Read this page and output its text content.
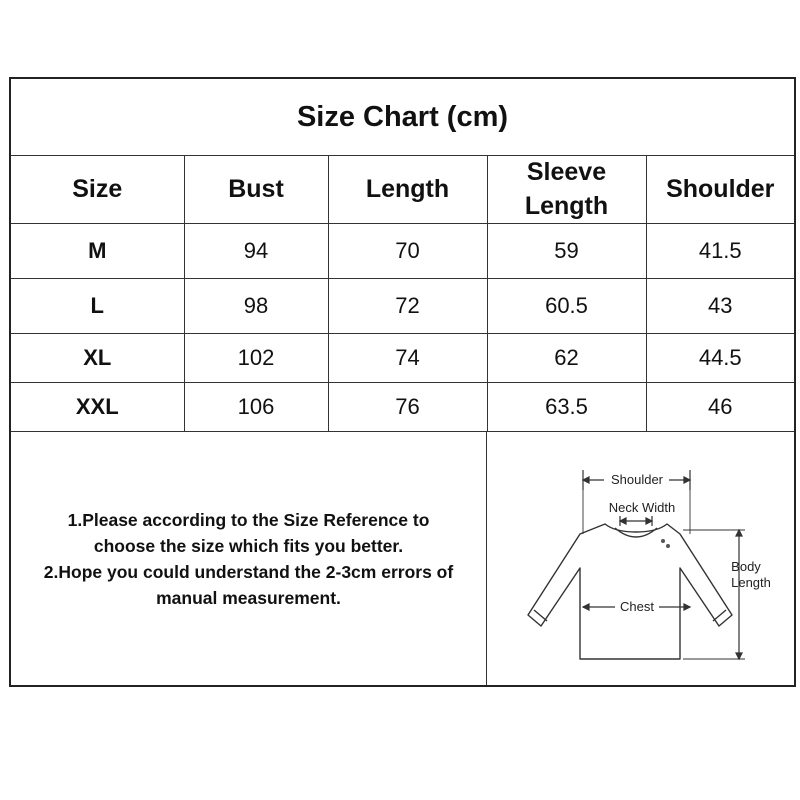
Size Chart (cm)
Size	Bust	Length	Sleeve Length	Shoulder
M	94	70	59	41.5
L	98	72	60.5	43
XL	102	74	62	44.5
XXL	106	76	63.5	46
1.Please according to the Size Reference to
choose the size which fits you better.
2.Hope you could understand the 2-3cm errors of
manual measurement.
Shoulder
Neck Width
Chest
Body
Length
